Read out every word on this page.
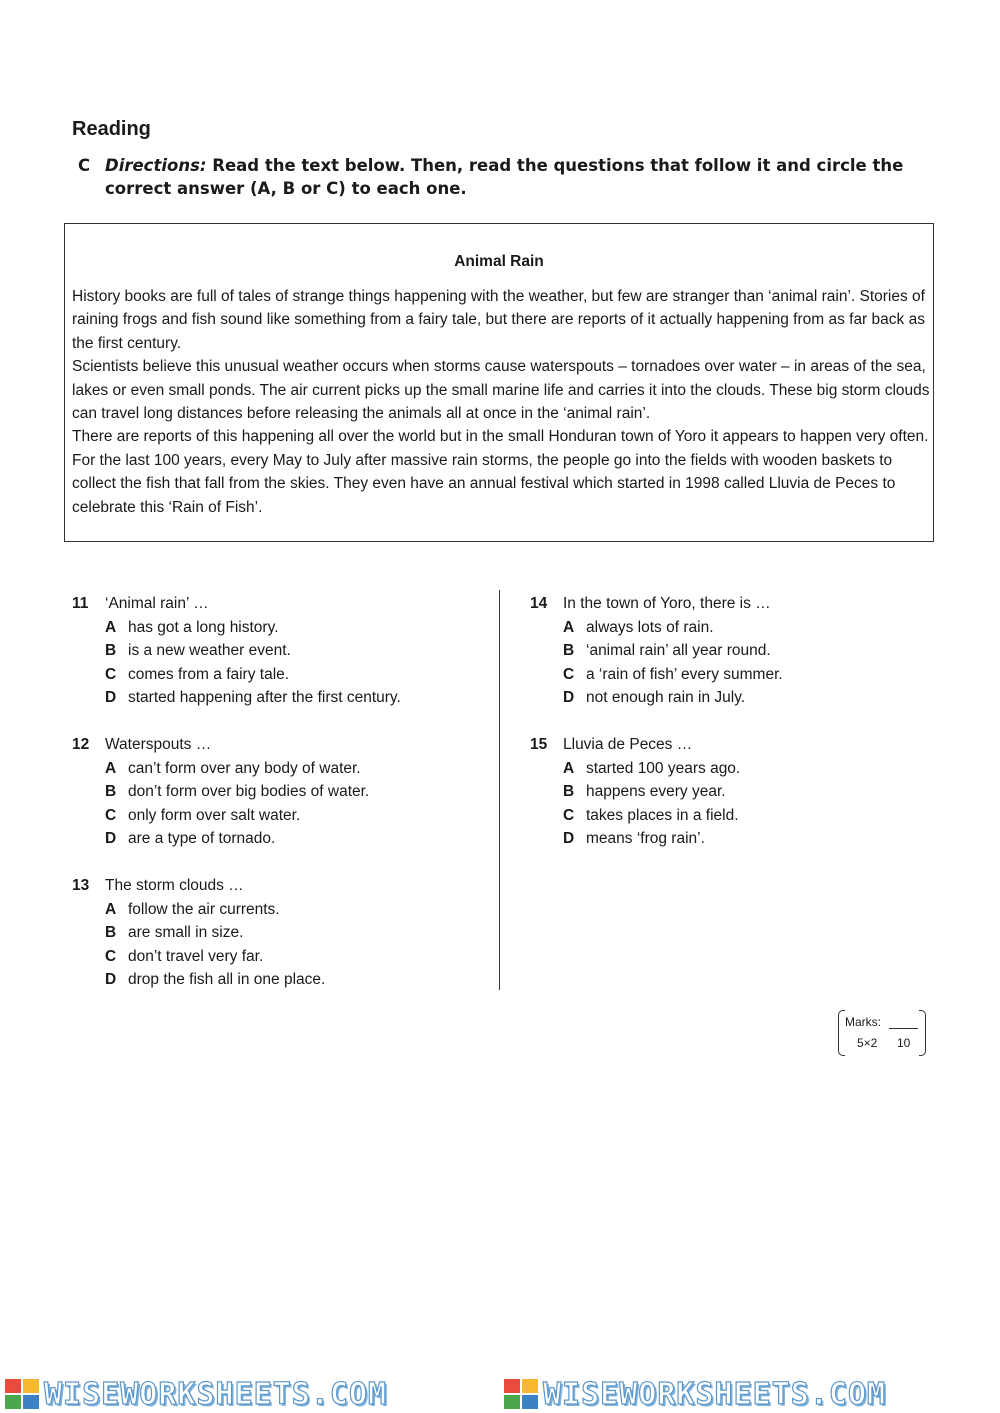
Reading
C Directions: Read the text below. Then, read the questions that follow it and circle the correct answer (A, B or C) to each one.
Animal Rain

History books are full of tales of strange things happening with the weather, but few are stranger than ‘animal rain’. Stories of raining frogs and fish sound like something from a fairy tale, but there are reports of it actually happening from as far back as the first century.

Scientists believe this unusual weather occurs when storms cause waterspouts – tornadoes over water – in areas of the sea, lakes or even small ponds. The air current picks up the small marine life and carries it into the clouds. These big storm clouds can travel long distances before releasing the animals all at once in the ‘animal rain’.

There are reports of this happening all over the world but in the small Honduran town of Yoro it appears to happen very often. For the last 100 years, every May to July after massive rain storms, the people go into the fields with wooden baskets to collect the fish that fall from the skies. They even have an annual festival which started in 1998 called Lluvia de Peces to celebrate this ‘Rain of Fish’.

11 ‘Animal rain’ …
A has got a long history.
B is a new weather event.
C comes from a fairy tale.
D started happening after the first century.
12 Waterspouts …
A can’t form over any body of water.
B don’t form over big bodies of water.
C only form over salt water.
D are a type of tornado.
13 The storm clouds …
A follow the air currents.
B are small in size.
C don’t travel very far.
D drop the fish all in one place.
14 In the town of Yoro, there is …
A always lots of rain.
B ‘animal rain’ all year round.
C a ‘rain of fish’ every summer.
D not enough rain in July.
15 Lluvia de Peces …
A started 100 years ago.
B happens every year.
C takes places in a field.
D means ‘frog rain’.
Marks:
5×2 10
WISEWORKSHEETS.COM	WISEWORKSHEETS.COM
